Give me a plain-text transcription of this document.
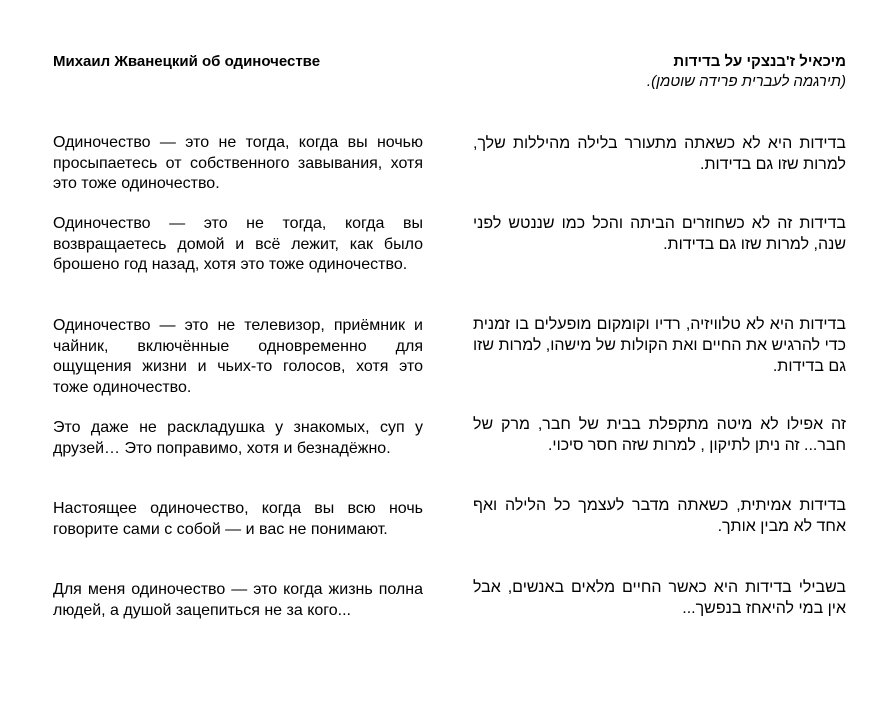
Михаил Жванецкий об одиночестве
Одиночество — это не тогда, когда вы ночью просыпаетесь от собственного завывания, хотя это тоже одиночество.
Одиночество — это не тогда, когда вы возвращаетесь домой и всё лежит, как было брошено год назад, хотя это тоже одиночество.
Одиночество — это не телевизор, приёмник и чайник, включённые одновременно для ощущения жизни и чьих-то голосов, хотя это тоже одиночество.
Это даже не раскладушка у знакомых, суп у друзей… Это поправимо, хотя и безнадёжно.
Настоящее одиночество, когда вы всю ночь говорите сами с собой — и вас не понимают.
Для меня одиночество — это когда жизнь полна людей, а душой зацепиться не за кого...
מיכאיל ז'בנצקי על בדידות
(תירגמה לעברית פרידה שוטמן).
בדידות היא לא כשאתה מתעורר בלילה מהיללות שלך, למרות שזו גם בדידות.
בדידות זה לא כשחוזרים הביתה והכל כמו שננטש לפני שנה, למרות שזו גם בדידות.
בדידות היא לא טלוויזיה, רדיו וקומקום מופעלים בו זמנית כדי להרגיש את החיים ואת הקולות של מישהו, למרות שזו גם בדידות.
זה אפילו לא מיטה מתקפלת בבית של חבר, מרק של חבר... זה ניתן לתיקון , למרות שזה חסר סיכוי.
בדידות אמיתית, כשאתה מדבר לעצמך כל הלילה ואף אחד לא מבין אותך.
בשבילי בדידות היא כאשר החיים מלאים באנשים, אבל אין במי להיאחז בנפשך...
